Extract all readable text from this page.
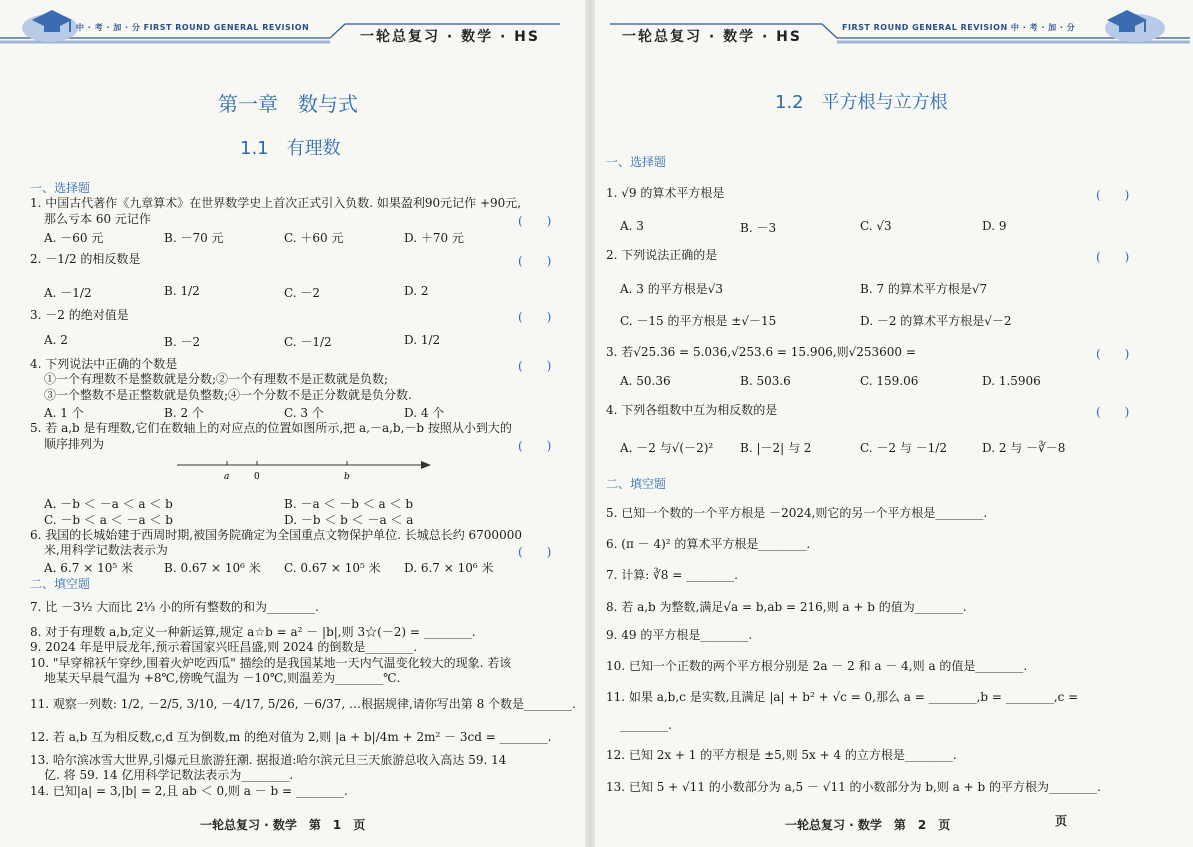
中 · 考 · 加 · 分 FIRST ROUND GENERAL REVISION
一轮总复习 · 数学 · HS
第一章　数与式
1.1　有理数
一、选择题
1. 中国古代著作《九章算术》在世界数学史上首次正式引入负数. 如果盈利90元记作 +90元,
那么亏本 60 元记作	(　　)
A. －60 元	B. －70 元	C. ＋60 元	D. ＋70 元
2. －1/2 的相反数是	(　　)
A. －1/2	B. 1/2	C. －2	D. 2
3. －2 的绝对值是	(　　)
A. 2	B. －2	C. －1/2	D. 1/2
4. 下列说法中正确的个数是	(　　)
①一个有理数不是整数就是分数;②一个有理数不是正数就是负数;
③一个整数不是正整数就是负整数;④一个分数不是正分数就是负分数.
A. 1 个	B. 2 个	C. 3 个	D. 4 个
5. 若 a,b 是有理数,它们在数轴上的对应点的位置如图所示,把 a,－a,b,－b 按照从小到大的
顺序排列为	(　　)
a	0	b
A. －b ＜ －a ＜ a ＜ b	B. －a ＜ －b ＜ a ＜ b
C. －b ＜ a ＜ －a ＜ b	D. －b ＜ b ＜ －a ＜ a
6. 我国的长城始建于西周时期,被国务院确定为全国重点文物保护单位. 长城总长约 6700000
米,用科学记数法表示为	(　　)
A. 6.7 × 10⁵ 米	B. 0.67 × 10⁶ 米 C. 0.67 × 10⁵ 米 D. 6.7 × 10⁶ 米
二、填空题
7. 比 －3½ 大而比 2⅓ 小的所有整数的和为________.
8. 对于有理数 a,b,定义一种新运算,规定 a☆b = a² － |b|,则 3☆(－2) = ________.
9. 2024 年是甲辰龙年,预示着国家兴旺昌盛,则 2024 的倒数是________.
10. "早穿棉袄午穿纱,围着火炉吃西瓜" 描绘的是我国某地一天内气温变化较大的现象. 若该
地某天早晨气温为 +8℃,傍晚气温为 －10℃,则温差为________℃.
11. 观察一列数: 1/2, －2/5, 3/10, －4/17, 5/26, －6/37, …根据规律,请你写出第 8 个数是________.
12. 若 a,b 互为相反数,c,d 互为倒数,m 的绝对值为 2,则 |a + b|/4m + 2m² － 3cd = ________.
13. 哈尔滨冰雪大世界,引爆元旦旅游狂潮. 据报道:哈尔滨元旦三天旅游总收入高达 59. 14
亿. 将 59. 14 亿用科学记数法表示为________.
14. 已知|a| = 3,|b| = 2,且 ab ＜ 0,则 a － b = ________.
一轮总复习 · 数学　第　1　页
一轮总复习 · 数学 · HS
FIRST ROUND GENERAL REVISION 中 · 考 · 加 · 分
1.2　平方根与立方根
一、选择题
1. √9 的算术平方根是	(　　)
A. 3	B. －3	C. √3	D. 9
2. 下列说法正确的是	(　　)
A. 3 的平方根是√3	B. 7 的算术平方根是√7
C. －15 的平方根是 ±√－15	D. －2 的算术平方根是√－2
3. 若√25.36 = 5.036,√253.6 = 15.906,则√253600 =	(　　)
A. 50.36	B. 503.6	C. 159.06	D. 1.5906
4. 下列各组数中互为相反数的是	(　　)
A. －2 与√(－2)² B. |－2| 与 2	C. －2 与 －1/2	D. 2 与 －∛－8
二、填空题
5. 已知一个数的一个平方根是 －2024,则它的另一个平方根是________.
6. (π － 4)² 的算术平方根是________.
7. 计算: ∛8 = ________.
8. 若 a,b 为整数,满足√a = b,ab = 216,则 a + b 的值为________.
9. 49 的平方根是________.
10. 已知一个正数的两个平方根分别是 2a － 2 和 a － 4,则 a 的值是________.
11. 如果 a,b,c 是实数,且满足 |a| + b² + √c = 0,那么 a = ________,b = ________,c =
________.
12. 已知 2x + 1 的平方根是 ±5,则 5x + 4 的立方根是________.
13. 已知 5 + √11 的小数部分为 a,5 － √11 的小数部分为 b,则 a + b 的平方根为________.
一轮总复习 · 数学　第　2　页	页
